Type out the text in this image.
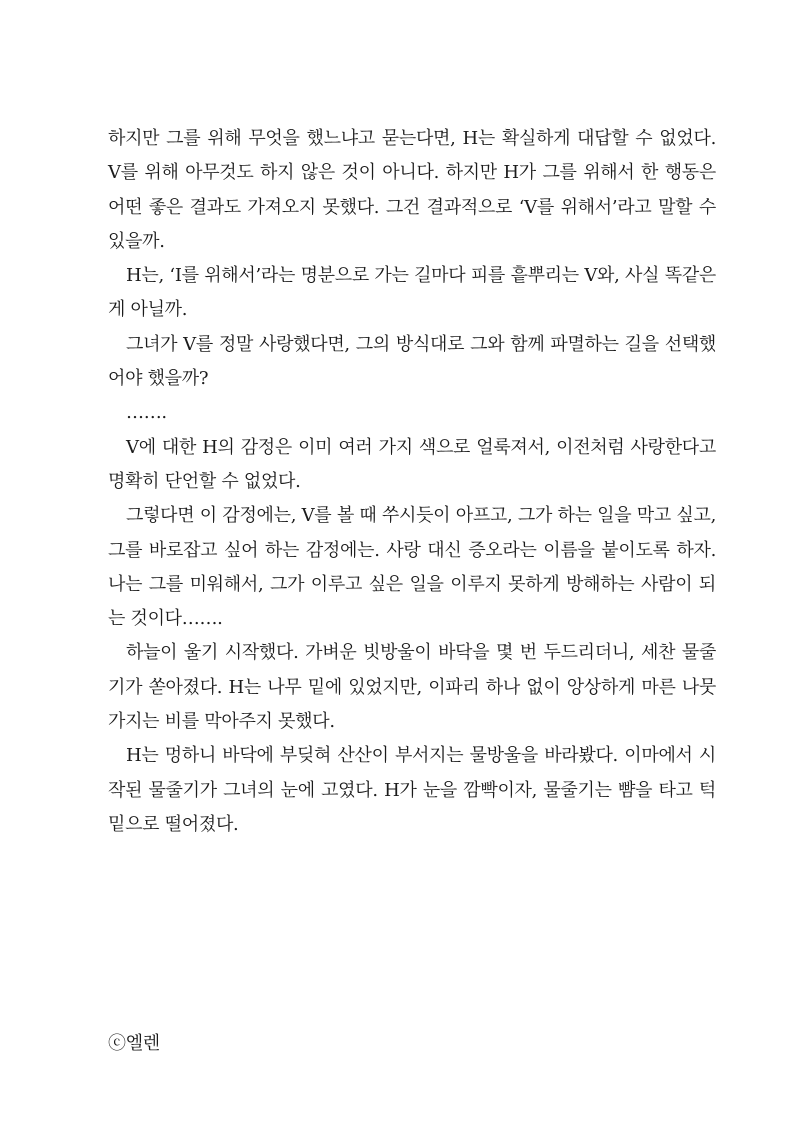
하지만 그를 위해 무엇을 했느냐고 묻는다면, H는 확실하게 대답할 수 없었다. V를 위해 아무것도 하지 않은 것이 아니다. 하지만 H가 그를 위해서 한 행동은 어떤 좋은 결과도 가져오지 못했다. 그건 결과적으로 ‘V를 위해서’라고 말할 수 있을까.

H는, ‘I를 위해서’라는 명분으로 가는 길마다 피를 흩뿌리는 V와, 사실 똑같은 게 아닐까.

그녀가 V를 정말 사랑했다면, 그의 방식대로 그와 함께 파멸하는 길을 선택했어야 했을까?

…….

V에 대한 H의 감정은 이미 여러 가지 색으로 얼룩져서, 이전처럼 사랑한다고 명확히 단언할 수 없었다.

그렇다면 이 감정에는, V를 볼 때 쑤시듯이 아프고, 그가 하는 일을 막고 싶고, 그를 바로잡고 싶어 하는 감정에는. 사랑 대신 증오라는 이름을 붙이도록 하자. 나는 그를 미워해서, 그가 이루고 싶은 일을 이루지 못하게 방해하는 사람이 되는 것이다…….

하늘이 울기 시작했다. 가벼운 빗방울이 바닥을 몇 번 두드리더니, 세찬 물줄기가 쏟아졌다. H는 나무 밑에 있었지만, 이파리 하나 없이 앙상하게 마른 나뭇가지는 비를 막아주지 못했다.

H는 멍하니 바닥에 부딪혀 산산이 부서지는 물방울을 바라봤다. 이마에서 시작된 물줄기가 그녀의 눈에 고였다. H가 눈을 깜빡이자, 물줄기는 뺨을 타고 턱 밑으로 떨어졌다.

ⓒ엘렌
